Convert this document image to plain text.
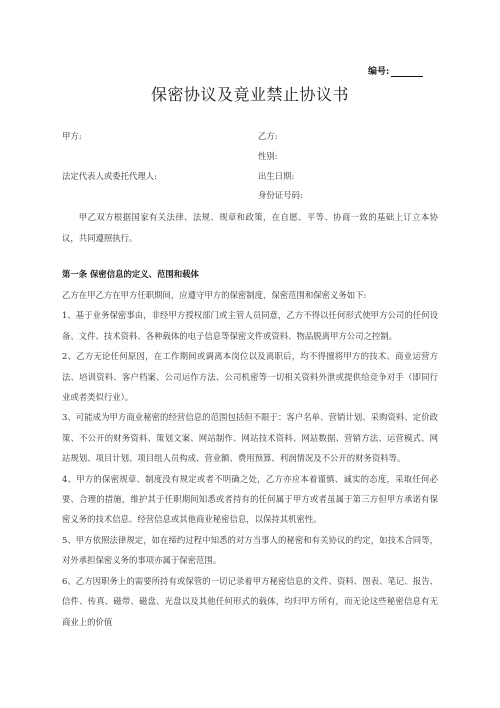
编号:
保密协议及竟业禁止协议书
甲方:
法定代表人或委托代理人:
乙方:
性别:
出生日期:
身份证号码:
甲乙双方根据国家有关法律、法规、规章和政策，在自愿、平等、协商一致的基础上订立本协议，共同遵照执行。
第一条 保密信息的定义、范围和载体

乙方在甲乙方在甲方任职期间，应遵守甲方的保密制度，保密范围和保密义务如下:

1、基于业务保密事由，非经甲方授权部门或主管人员同意，乙方不得以任何形式使甲方公司的任何设备、文件、技术资料、各种载体的电子信息等保密文件或资料、物品脱离甲方公司之控制。

2、乙方无论任何原因，在工作期间或调离本岗位以及离职后，均不得擅将甲方的技术、商业运营方法、培训资料、客户档案、公司运作方法、公司机密等一切相关资料外泄或提供给竞争对手（即同行业或者类似行业）。

3、可能成为甲方商业秘密的经营信息的范围包括但不限于：客户名单、营销计划、采购资料、定价政策、不公开的财务资料、策划文案、网站制作、网站技术资料、网站数据、营销方法、运营模式、网站规划、项目计划、项目组人员构成、营业额、费用预算、利润情况及不公开的财务资料等。

4、甲方的保密规章、制度没有规定或者不明确之处，乙方亦应本着谨慎、诚实的态度，采取任何必要、合理的措施，维护其于任职期间知悉或者持有的任何属于甲方或者虽属于第三方但甲方承诺有保密义务的技术信息、经营信息或其他商业秘密信息，以保持其机密性。

5、甲方依照法律规定，如在缔约过程中知悉的对方当事人的秘密和有关协议的约定，如技术合同等，对外承担保密义务的事项亦属于保密范围。

6、乙方因职务上的需要所持有或保管的一切记录着甲方秘密信息的文件、资料、图表、笔记、报告、信件、传真、磁带、磁盘、光盘以及其他任何形式的载体，均归甲方所有，而无论这些秘密信息有无商业上的价值
